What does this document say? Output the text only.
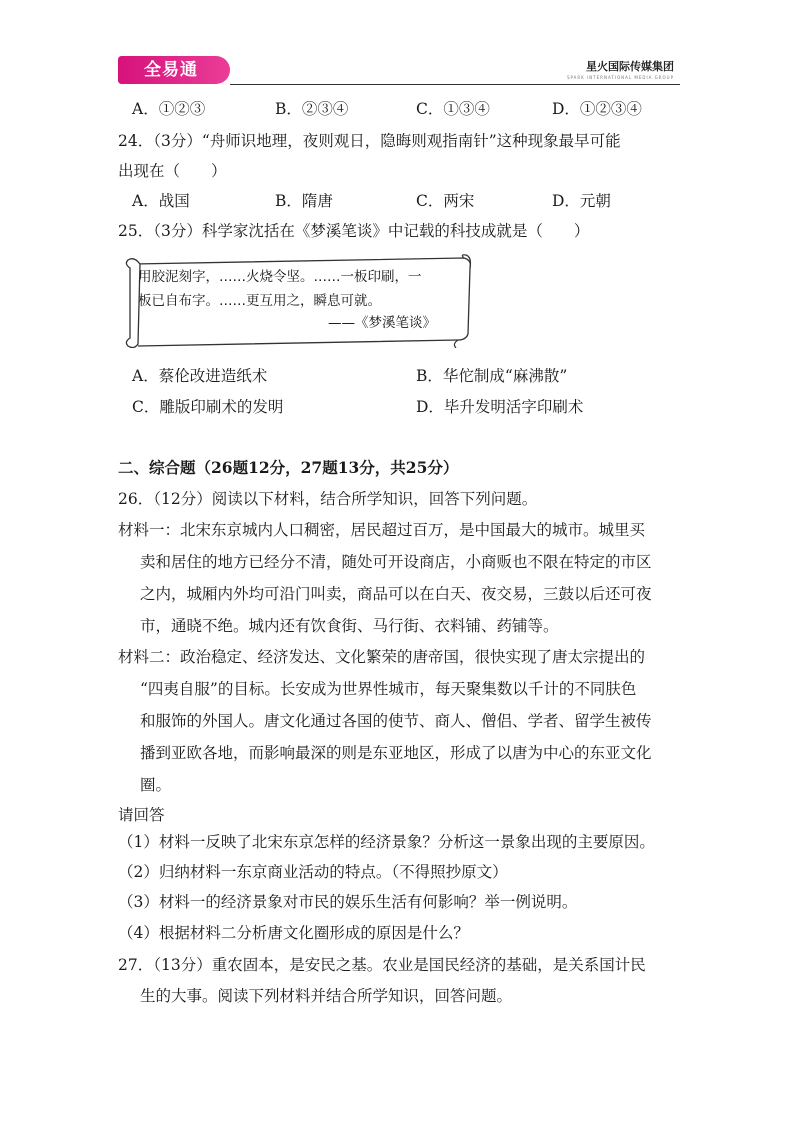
全易通	星火国际传媒集团
SPARK INTERNATIONAL MEDIA GROUP
A．①②③	B．②③④	C．①③④	D．①②③④
24．（3分）“舟师识地理，夜则观日，隐晦则观指南针”这种现象最早可能
出现在（　　）
A．战国	B．隋唐	C．两宋	D．元朝
25．（3分）科学家沈括在《梦溪笔谈》中记载的科技成就是（　　）
用胶泥刻字，……火烧令坚。……一板印刷，一
板已自布字。……更互用之，瞬息可就。
——《梦溪笔谈》
A．蔡伦改进造纸术	B．华佗制成“麻沸散”
C．雕版印刷术的发明	D．毕升发明活字印刷术
二、综合题（26题12分，27题13分，共25分）
26．（12分）阅读以下材料，结合所学知识，回答下列问题。
材料一：北宋东京城内人口稠密，居民超过百万，是中国最大的城市。城里买
卖和居住的地方已经分不清，随处可开设商店，小商贩也不限在特定的市区
之内，城厢内外均可沿门叫卖，商品可以在白天、夜交易，三鼓以后还可夜
市，通晓不绝。城内还有饮食街、马行街、衣料铺、药铺等。
材料二：政治稳定、经济发达、文化繁荣的唐帝国，很快实现了唐太宗提出的
“四夷自服”的目标。长安成为世界性城市，每天聚集数以千计的不同肤色
和服饰的外国人。唐文化通过各国的使节、商人、僧侣、学者、留学生被传
播到亚欧各地，而影响最深的则是东亚地区，形成了以唐为中心的东亚文化
圈。
请回答
（1）材料一反映了北宋东京怎样的经济景象？分析这一景象出现的主要原因。
（2）归纳材料一东京商业活动的特点。（不得照抄原文）
（3）材料一的经济景象对市民的娱乐生活有何影响？举一例说明。
（4）根据材料二分析唐文化圈形成的原因是什么？
27．（13分）重农固本，是安民之基。农业是国民经济的基础，是关系国计民
生的大事。阅读下列材料并结合所学知识，回答问题。
